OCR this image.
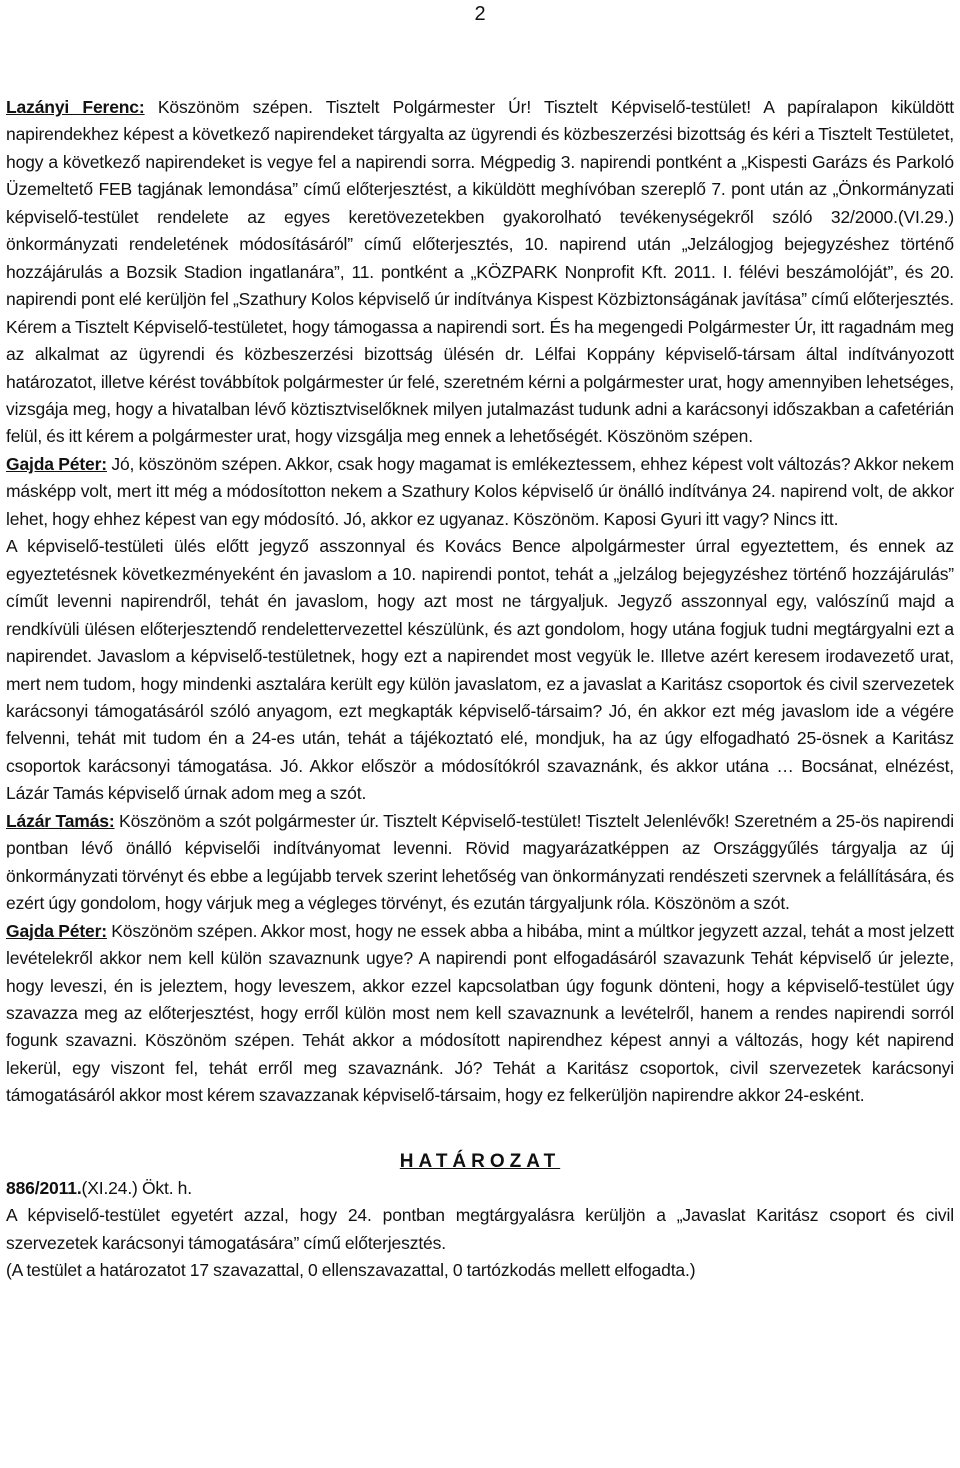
2

Lazányi Ferenc: Köszönöm szépen. Tisztelt Polgármester Úr! Tisztelt Képviselő-testület! A papíralapon kiküldött napirendekhez képest a következő napirendeket tárgyalta az ügyrendi és közbeszerzési bizottság és kéri a Tisztelt Testületet, hogy a következő napirendeket is vegye fel a napirendi sorra. Mégpedig 3. napirendi pontként a „Kispesti Garázs és Parkoló Üzemeltető FEB tagjának lemondása” című előterjesztést, a kiküldött meghívóban szereplő 7. pont után az „Önkormányzati képviselő-testület rendelete az egyes keretövezetekben gyakorolható tevékenységekről szóló 32/2000.(VI.29.) önkormányzati rendeletének módosításáról” című előterjesztés, 10. napirend után „Jelzálogjog bejegyzéshez történő hozzájárulás a Bozsik Stadion ingatlanára”, 11. pontként a „KÖZPARK Nonprofit Kft. 2011. I. félévi beszámolóját”, és 20. napirendi pont elé kerüljön fel „Szathury Kolos képviselő úr indítványa Kispest Közbiztonságának javítása” című előterjesztés. Kérem a Tisztelt Képviselő-testületet, hogy támogassa a napirendi sort. És ha megengedi Polgármester Úr, itt ragadnám meg az alkalmat az ügyrendi és közbeszerzési bizottság ülésén dr. Lélfai Koppány képviselő-társam által indítványozott határozatot, illetve kérést továbbítok polgármester úr felé, szeretném kérni a polgármester urat, hogy amennyiben lehetséges, vizsgája meg, hogy a hivatalban lévő köztisztviselőknek milyen jutalmazást tudunk adni a karácsonyi időszakban a cafetérián felül, és itt kérem a polgármester urat, hogy vizsgálja meg ennek a lehetőségét. Köszönöm szépen.

Gajda Péter: Jó, köszönöm szépen. Akkor, csak hogy magamat is emlékeztessem, ehhez képest volt változás? Akkor nekem másképp volt, mert itt még a módosítotton nekem a Szathury Kolos képviselő úr önálló indítványa 24. napirend volt, de akkor lehet, hogy ehhez képest van egy módosító. Jó, akkor ez ugyanaz. Köszönöm. Kaposi Gyuri itt vagy? Nincs itt.

A képviselő-testületi ülés előtt jegyző asszonnyal és Kovács Bence alpolgármester úrral egyeztettem, és ennek az egyeztetésnek következményeként én javaslom a 10. napirendi pontot, tehát a „jelzálog bejegyzéshez történő hozzájárulás” címűt levenni napirendről, tehát én javaslom, hogy azt most ne tárgyaljuk. Jegyző asszonnyal egy, valószínű majd a rendkívüli ülésen előterjesztendő rendelettervezettel készülünk, és azt gondolom, hogy utána fogjuk tudni megtárgyalni ezt a napirendet. Javaslom a képviselő-testületnek, hogy ezt a napirendet most vegyük le. Illetve azért keresem irodavezető urat, mert nem tudom, hogy mindenki asztalára került egy külön javaslatom, ez a javaslat a Karitász csoportok és civil szervezetek karácsonyi támogatásáról szóló anyagom, ezt megkapták képviselő-társaim? Jó, én akkor ezt még javaslom ide a végére felvenni, tehát mit tudom én a 24-es után, tehát a tájékoztató elé, mondjuk, ha az úgy elfogadható 25-ösnek a Karitász csoportok karácsonyi támogatása. Jó. Akkor először a módosítókról szavaznánk, és akkor utána … Bocsánat, elnézést, Lázár Tamás képviselő úrnak adom meg a szót.

Lázár Tamás: Köszönöm a szót polgármester úr. Tisztelt Képviselő-testület! Tisztelt Jelenlévők! Szeretném a 25-ös napirendi pontban lévő önálló képviselői indítványomat levenni. Rövid magyarázatképpen az Országgyűlés tárgyalja az új önkormányzati törvényt és ebbe a legújabb tervek szerint lehetőség van önkormányzati rendészeti szervnek a felállítására, és ezért úgy gondolom, hogy várjuk meg a végleges törvényt, és ezután tárgyaljunk róla. Köszönöm a szót.

Gajda Péter: Köszönöm szépen. Akkor most, hogy ne essek abba a hibába, mint a múltkor jegyzett azzal, tehát a most jelzett levételekről akkor nem kell külön szavaznunk ugye? A napirendi pont elfogadásáról szavazunk Tehát képviselő úr jelezte, hogy leveszi, én is jeleztem, hogy leveszem, akkor ezzel kapcsolatban úgy fogunk dönteni, hogy a képviselő-testület úgy szavazza meg az előterjesztést, hogy erről külön most nem kell szavaznunk a levételről, hanem a rendes napirendi sorról fogunk szavazni. Köszönöm szépen. Tehát akkor a módosított napirendhez képest annyi a változás, hogy két napirend lekerül, egy viszont fel, tehát erről meg szavaznánk. Jó? Tehát a Karitász csoportok, civil szervezetek karácsonyi támogatásáról akkor most kérem szavazzanak képviselő-társaim, hogy ez felkerüljön napirendre akkor 24-esként.

HATÁROZAT

886/2011.(XI.24.) Ökt. h.

A képviselő-testület egyetért azzal, hogy 24. pontban megtárgyalásra kerüljön a „Javaslat Karitász csoport és civil szervezetek karácsonyi támogatására” című előterjesztés.

(A testület a határozatot 17 szavazattal, 0 ellenszavazattal, 0 tartózkodás mellett elfogadta.)
